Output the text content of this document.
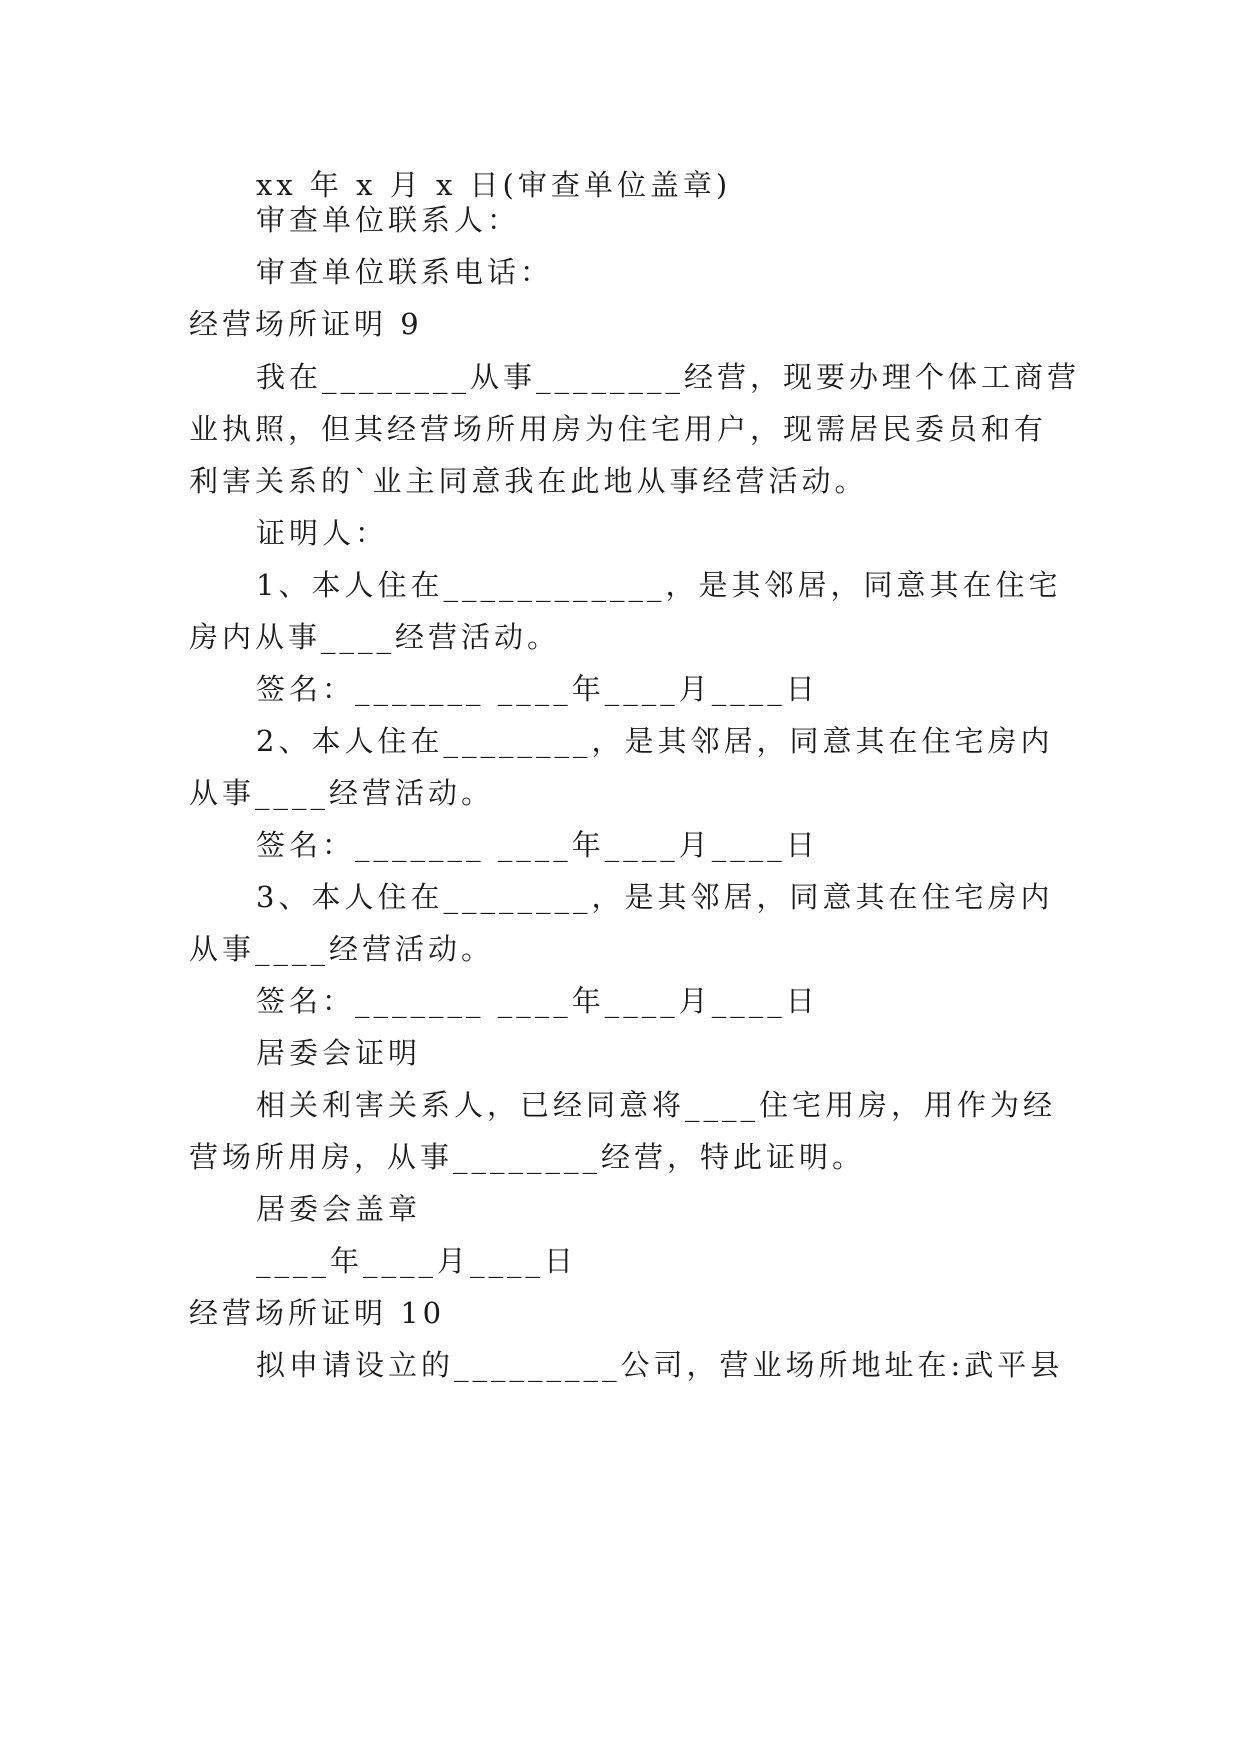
xx 年 x 月 x 日(审查单位盖章)
审查单位联系人：
审查单位联系电话：
经营场所证明 9
我在________从事________经营，现要办理个体工商营
业执照，但其经营场所用房为住宅用户，现需居民委员和有
利害关系的`业主同意我在此地从事经营活动。
证明人：
1、本人住在____________，是其邻居，同意其在住宅
房内从事____经营活动。
签名：_______ ____年____月____日
2、本人住在________，是其邻居，同意其在住宅房内
从事____经营活动。
签名：_______ ____年____月____日
3、本人住在________，是其邻居，同意其在住宅房内
从事____经营活动。
签名：_______ ____年____月____日
居委会证明
相关利害关系人，已经同意将____住宅用房，用作为经
营场所用房，从事________经营，特此证明。
居委会盖章
____年____月____日
经营场所证明 10
拟申请设立的_________公司，营业场所地址在:武平县
